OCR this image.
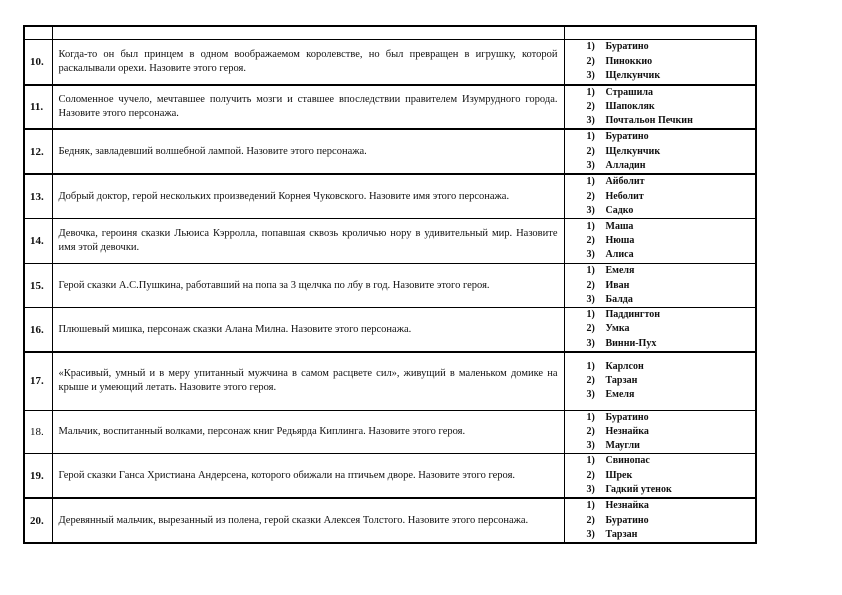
10.	
Когда-то он был принцем в одном воображаемом королевстве, но был превращен в игрушку, которой раскалывали орехи. Назовите этого героя.

1) Буратино
2) Пиноккио
3) Щелкунчик

11.	
Соломенное чучело, мечтавшее получить мозги и ставшее впоследствии правителем Изумрудного города. Назовите этого персонажа.

1) Страшила
2) Шапокляк
3) Почтальон Печкин

12.	Бедняк, завладевший волшебной лампой. Назовите этого персонажа.

1) Буратино
2) Щелкунчик
3) Алладин

13.	Добрый доктор, герой нескольких произведений Корнея Чуковского. Назовите имя этого персонажа.

1) Айболит
2) Неболит
3) Садко

14.	
Девочка, героиня сказки Льюиса Кэрролла, попавшая сквозь кроличью нору в удивительный мир. Назовите имя этой девочки.

1) Маша
2) Нюша
3) Алиса

15.	Герой сказки А.С.Пушкина, работавший на попа за 3 щелчка по лбу в год. Назовите этого героя.

1) Емеля
2) Иван
3) Балда

16.	Плюшевый мишка, персонаж сказки Алана Милна. Назовите этого персонажа.

1) Паддингтон
2) Умка
3) Винни-Пух

17.	
«Красивый, умный и в меру упитанный мужчина в самом расцвете сил», живущий в маленьком домике на крыше и умеющий летать. Назовите этого героя.

1) Карлсон
2) Тарзан
3) Емеля

18.	Мальчик, воспитанный волками, персонаж книг Редьярда Киплинга. Назовите этого героя.

1) Буратино
2) Незнайка
3) Маугли

19.	Герой сказки Ганса Христиана Андерсена, которого обижали на птичьем дворе. Назовите этого героя.

1) Свинопас
2) Шрек
3) Гадкий утенок

20.	Деревянный мальчик, вырезанный из полена, герой сказки Алексея Толстого. Назовите этого персонажа.

1) Незнайка
2) Буратино
3) Тарзан
